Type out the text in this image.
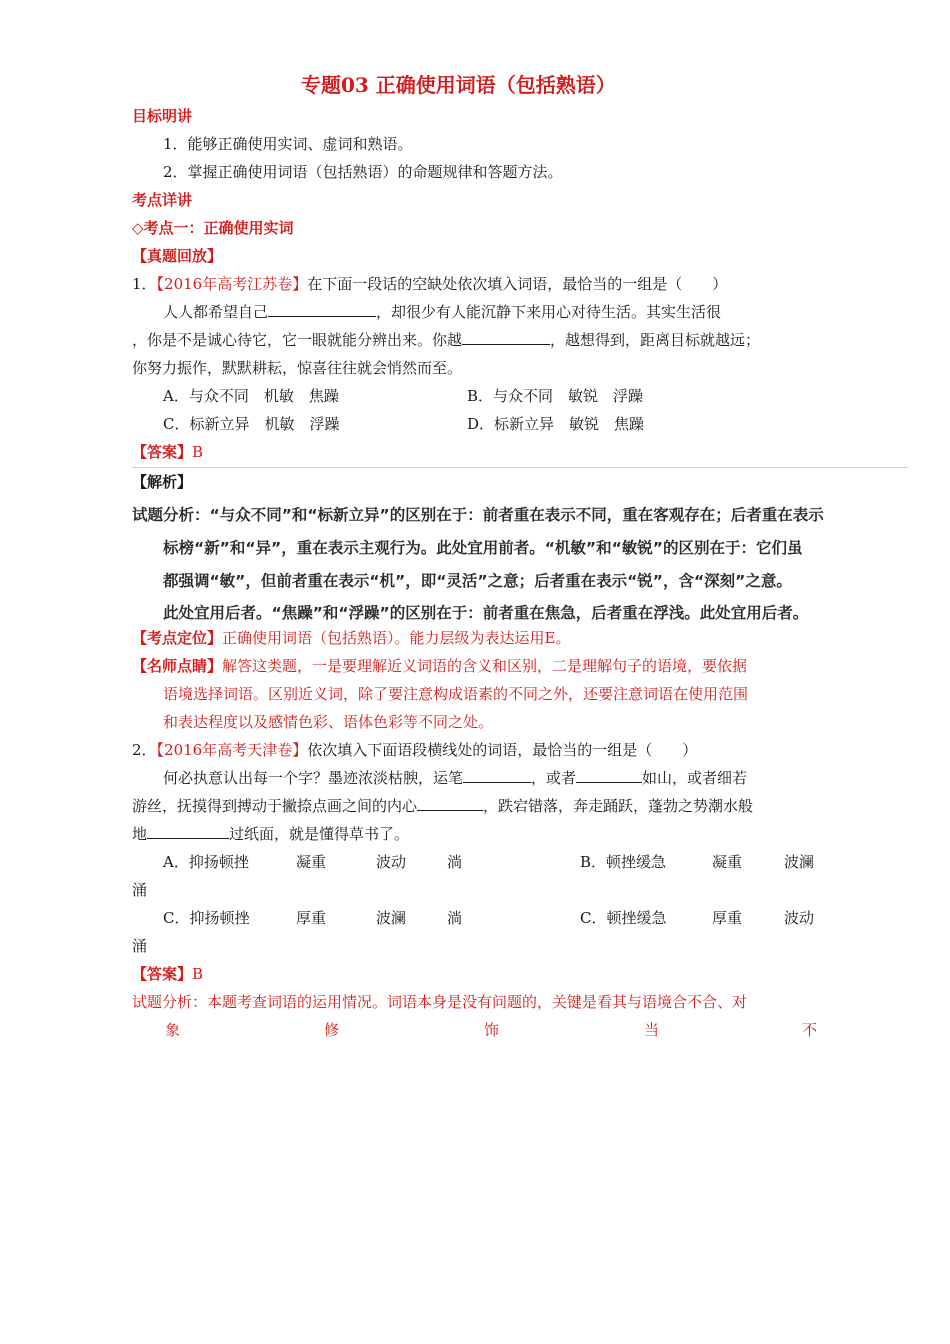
专题03 正确使用词语（包括熟语）
目标明讲
1．能够正确使用实词、虚词和熟语。
2．掌握正确使用词语（包括熟语）的命题规律和答题方法。
考点详讲
◇考点一：正确使用实词
【真题回放】
1．【2016年高考江苏卷】在下面一段话的空缺处依次填入词语，最恰当的一组是（　　）
人人都希望自己	，却很少有人能沉静下来用心对待生活。其实生活很
，你是不是诚心待它，它一眼就能分辨出来。你越	，越想得到，距离目标就越远；
你努力振作，默默耕耘，惊喜往往就会悄然而至。
A．与众不同　机敏　焦躁	B．与众不同　敏锐　浮躁
C．标新立异　机敏　浮躁	D．标新立异　敏锐　焦躁
【答案】B
【解析】
试题分析：“与众不同”和“标新立异”的区别在于：前者重在表示不同，重在客观存在；后者重在表示
标榜“新”和“异”，重在表示主观行为。此处宜用前者。“机敏”和“敏锐”的区别在于：它们虽
都强调“敏”，但前者重在表示“机”，即“灵活”之意；后者重在表示“锐”，含“深刻”之意。
此处宜用后者。“焦躁”和“浮躁”的区别在于：前者重在焦急，后者重在浮浅。此处宜用后者。
【考点定位】正确使用词语（包括熟语）。能力层级为表达运用E。
【名师点睛】解答这类题，一是要理解近义词语的含义和区别，二是理解句子的语境，要依据
语境选择词语。区别近义词，除了要注意构成语素的不同之外，还要注意词语在使用范围
和表达程度以及感情色彩、语体色彩等不同之处。
2．【2016年高考天津卷】依次填入下面语段横线处的词语，最恰当的一组是（　　）
何必执意认出每一个字？墨迹浓淡枯腴，运笔	，或者	如山，或者细若
游丝，抚摸得到搏动于撇捺点画之间的内心	，跌宕错落，奔走踊跃，蓬勃之势潮水般
地	过纸面，就是懂得草书了。
A．抑扬顿挫	凝重	波动	淌	B．顿挫缓急	凝重	波澜
涌
C．抑扬顿挫	厚重	波澜	淌	C．顿挫缓急	厚重	波动
涌
【答案】B
试题分析：本题考查词语的运用情况。词语本身是没有问题的，关键是看其与语境合不合、对
象	修	饰	当	不
